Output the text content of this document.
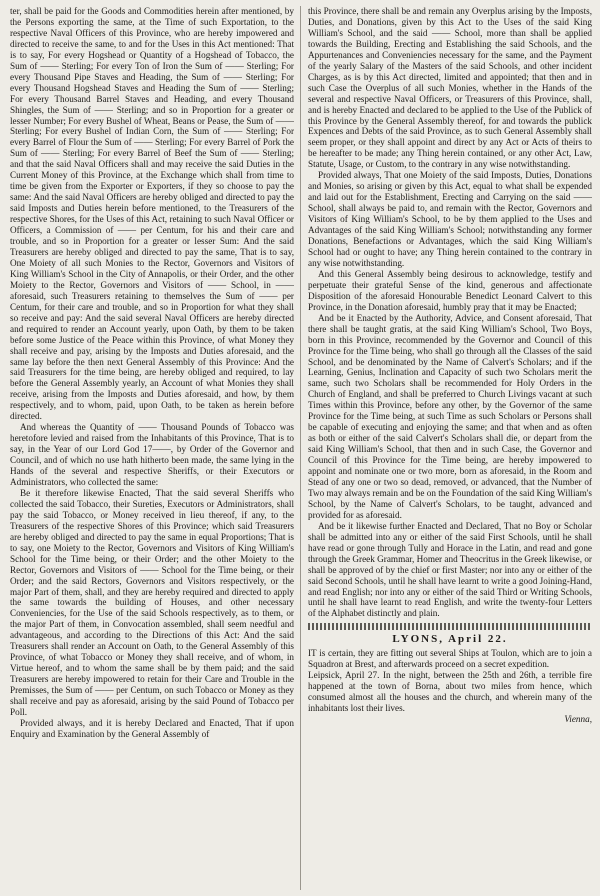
ter, shall be paid for the Goods and Commodities herein after mentioned, by the Persons exporting the same, at the Time of such Exportation, to the respective Naval Officers of this Province, who are hereby impowered and directed to receive the same, to and for the Uses in this Act mentioned: That is to say, For every Hogshead or Quantity of a Hogshead of Tobacco, the Sum of —— Sterling; For every Ton of Iron the Sum of —— Sterling; For every Thousand Pipe Staves and Heading, the Sum of —— Sterling; For every Thousand Hogshead Staves and Heading the Sum of —— Sterling; For every Thousand Barrel Staves and Heading, and every Thousand Shingles, the Sum of —— Sterling; and so in Proportion for a greater or lesser Number; For every Bushel of Wheat, Beans or Pease, the Sum of —— Sterling; For every Bushel of Indian Corn, the Sum of —— Sterling; For every Barrel of Flour the Sum of —— Sterling; For every Barrel of Pork the Sum of —— Sterling; For every Barrel of Beef the Sum of —— Sterling; and that the said Naval Officers shall and may receive the said Duties in the Current Money of this Province, at the Exchange which shall from time to time be given from the Exporter or Exporters, if they so choose to pay the same: And the said Naval Officers are hereby obliged and directed to pay the said Imposts and Duties herein before mentioned, to the Treasurers of the respective Shores, for the Uses of this Act, retaining to such Naval Officer or Officers, a Commission of —— per Centum, for his and their care and trouble, and so in Proportion for a greater or lesser Sum: And the said Treasurers are hereby obliged and directed to pay the same, That is to say, One Moiety of all such Monies to the Rector, Governors and Visitors of King William's School in the City of Annapolis, or their Order, and the other Moiety to the Rector, Governors and Visitors of —— School, in —— aforesaid, such Treasurers retaining to themselves the Sum of —— per Centum, for their care and trouble, and so in Proportion for what they shall so receive and pay: And the said several Naval Officers are hereby directed and required to render an Account yearly, upon Oath, by them to be taken before some Justice of the Peace within this Province, of what Money they shall receive and pay, arising by the Imposts and Duties aforesaid, and the same lay before the then next General Assembly of this Province: And the said Treasurers for the time being, are hereby obliged and required, to lay before the General Assembly yearly, an Account of what Monies they shall receive, arising from the Imposts and Duties aforesaid, and how, by them respectively, and to whom, paid, upon Oath, to be taken as herein before directed.

And whereas the Quantity of —— Thousand Pounds of Tobacco was heretofore levied and raised from the Inhabitants of this Province, That is to say, in the Year of our Lord God 17——, by Order of the Governor and Council, and of which no use hath hitherto been made, the same lying in the Hands of the several and respective Sheriffs, or their Executors or Administrators, who collected the same:

Be it therefore likewise Enacted, That the said several Sheriffs who collected the said Tobacco, their Sureties, Executors or Administrators, shall pay the said Tobacco, or Money received in lieu thereof, if any, to the Treasurers of the respective Shores of this Province; which said Treasurers are hereby obliged and directed to pay the same in equal Proportions; That is to say, one Moiety to the Rector, Governors and Visitors of King William's School for the Time being, or their Order; and the other Moiety to the Rector, Governors and Visitors of —— School for the Time being, or their Order; and the said Rectors, Governors and Visitors respectively, or the major Part of them, shall, and they are hereby required and directed to apply the same towards the building of Houses, and other necessary Conveniencies, for the Use of the said Schools respectively, as to them, or the major Part of them, in Convocation assembled, shall seem needful and advantageous, and according to the Directions of this Act: And the said Treasurers shall render an Account on Oath, to the General Assembly of this Province, of what Tobacco or Money they shall receive, and of whom, in Virtue hereof, and to whom the same shall be by them paid; and the said Treasurers are hereby impowered to retain for their Care and Trouble in the Premisses, the Sum of —— per Centum, on such Tobacco or Money as they shall receive and pay as aforesaid, arising by the said Pound of Tobacco per Poll.

Provided always, and it is hereby Declared and Enacted, That if upon Enquiry and Examination by the General Assembly of

this Province, there shall be and remain any Overplus arising by the Imposts, Duties, and Donations, given by this Act to the Uses of the said King William's School, and the said —— School, more than shall be applied towards the Building, Erecting and Establishing the said Schools, and the Appurtenances and Conveniencies necessary for the same, and the Payment of the yearly Salary of the Masters of the said Schools, and other incident Charges, as is by this Act directed, limited and appointed; that then and in such Case the Overplus of all such Monies, whether in the Hands of the several and respective Naval Officers, or Treasurers of this Province, shall, and is hereby Enacted and declared to be applied to the Use of the Publick of this Province by the General Assembly thereof, for and towards the publick Expences and Debts of the said Province, as to such General Assembly shall seem proper, or they shall appoint and direct by any Act or Acts of theirs to be hereafter to be made; any Thing herein contained, or any other Act, Law, Statute, Usage, or Custom, to the contrary in any wise notwithstanding.

Provided always, That one Moiety of the said Imposts, Duties, Donations and Monies, so arising or given by this Act, equal to what shall be expended and laid out for the Establishment, Erecting and Carrying on the said —— School, shall always be paid to, and remain with the Rector, Governors and Visitors of King William's School, to be by them applied to the Uses and Advantages of the said King William's School; notwithstanding any former Donations, Benefactions or Advantages, which the said King William's School had or ought to have; any Thing herein contained to the contrary in any wise notwithstanding.

And this General Assembly being desirous to acknowledge, testify and perpetuate their grateful Sense of the kind, generous and affectionate Disposition of the aforesaid Honourable Benedict Leonard Calvert to this Province, in the Donation aforesaid, humbly pray that it may be Enacted;

And be it Enacted by the Authority, Advice, and Consent aforesaid, That there shall be taught gratis, at the said King William's School, Two Boys, born in this Province, recommended by the Governor and Council of this Province for the Time being, who shall go through all the Classes of the said School, and be denominated by the Name of Calvert's Scholars; and if the Learning, Genius, Inclination and Capacity of such two Scholars merit the same, such two Scholars shall be recommended for Holy Orders in the Church of England, and shall be preferred to Church Livings vacant at such Times within this Province, before any other, by the Governor of the same Province for the Time being, at such Time as such Scholars or Persons shall be capable of executing and enjoying the same; and that when and as often as both or either of the said Calvert's Scholars shall die, or depart from the said King William's School, that then and in such Case, the Governor and Council of this Province for the Time being, are hereby impowered to appoint and nominate one or two more, born as aforesaid, in the Room and Stead of any one or two so dead, removed, or advanced, that the Number of Two may always remain and be on the Foundation of the said King William's School, by the Name of Calvert's Scholars, to be taught, advanced and provided for as aforesaid.

And be it likewise further Enacted and Declared, That no Boy or Scholar shall be admitted into any or either of the said First Schools, until he shall have read or gone through Tully and Horace in the Latin, and read and gone through the Greek Grammar, Homer and Theocritus in the Greek likewise, or shall be approved of by the chief or first Master; nor into any or either of the said Second Schools, until he shall have learnt to write a good Joining-Hand, and read English; nor into any or either of the said Third or Writing Schools, until he shall have learnt to read English, and write the twenty-four Letters of the Alphabet distinctly and plain.

LYONS, April 22.

IT is certain, they are fitting out several Ships at Toulon, which are to join a Squadron at Brest, and afterwards proceed on a secret expedition.

Leipsick, April 27. In the night, between the 25th and 26th, a terrible fire happened at the town of Borna, about two miles from hence, which consumed almost all the houses and the church, and wherein many of the inhabitants lost their lives.

Vienna,
